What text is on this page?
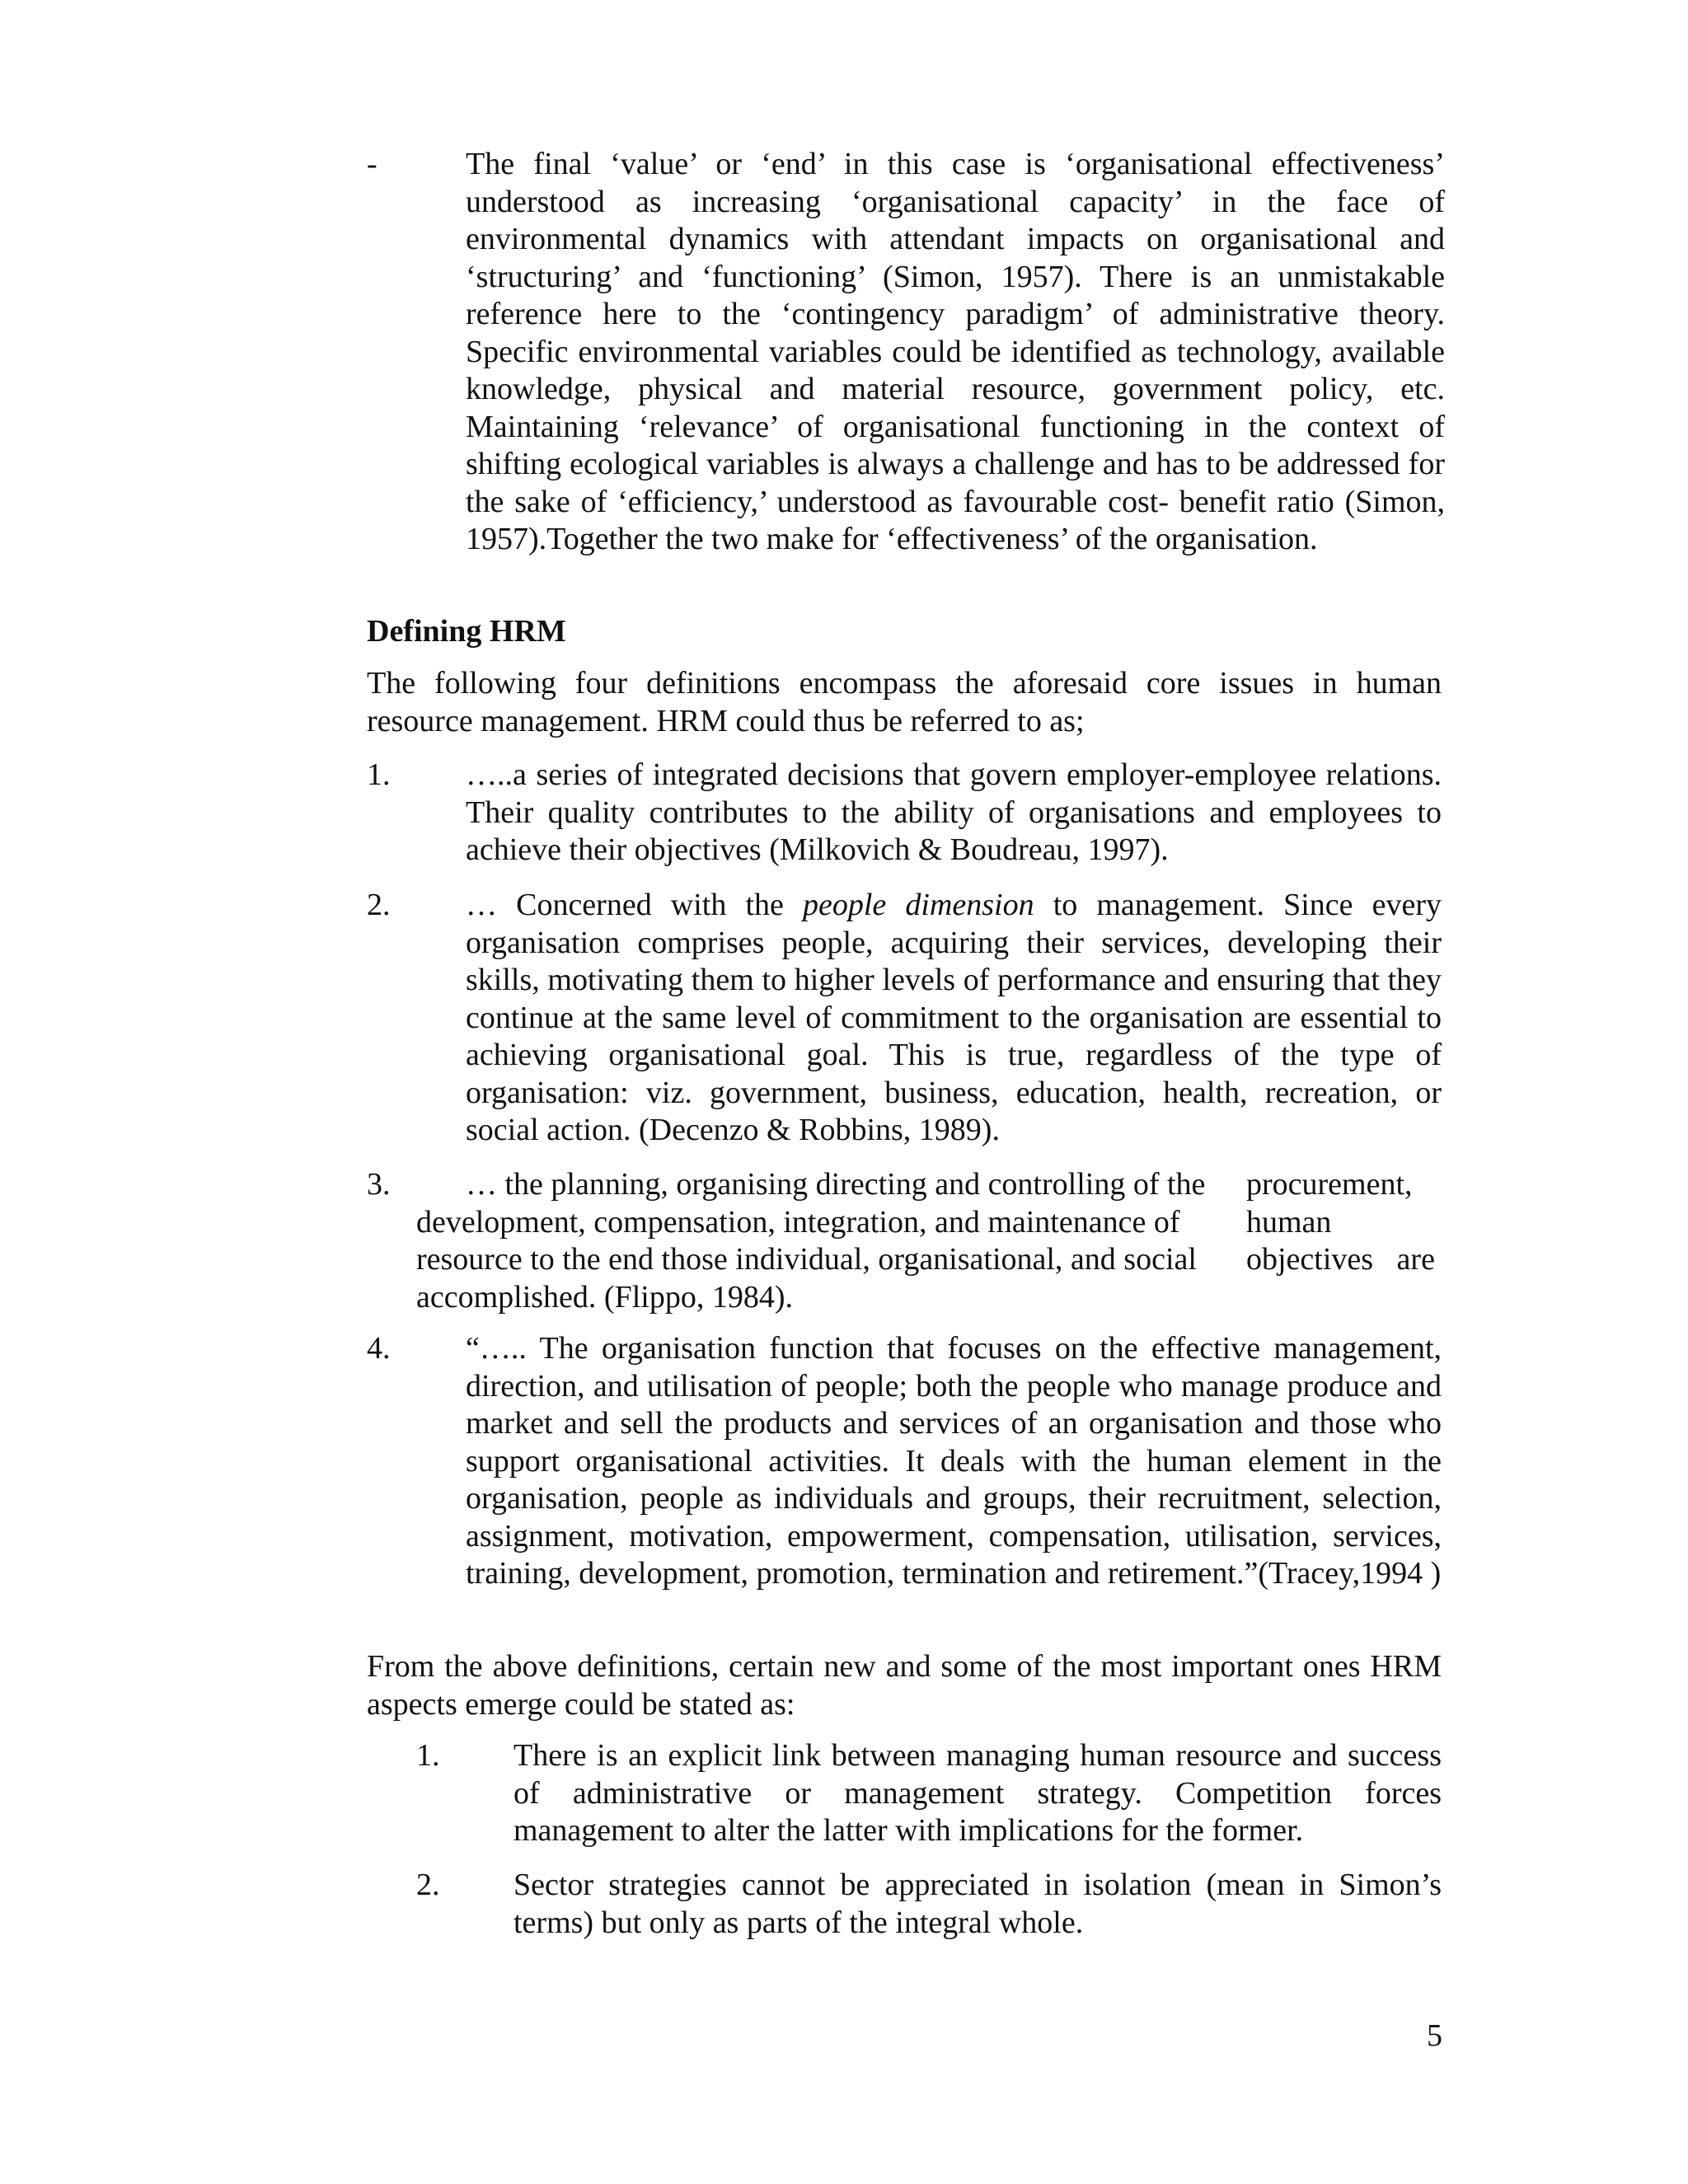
-	The final ‘value’ or ‘end’ in this case is ‘organisational effectiveness’ understood as increasing ‘organisational capacity’ in the face of environmental dynamics with attendant impacts on organisational and ‘structuring’ and ‘functioning’ (Simon, 1957). There is an unmistakable reference here to the ‘contingency paradigm’ of administrative theory. Specific environmental variables could be identified as technology, available knowledge, physical and material resource, government policy, etc. Maintaining ‘relevance’ of organisational functioning in the context of shifting ecological variables is always a challenge and has to be addressed for the sake of ‘efficiency,’ understood as favourable cost- benefit ratio (Simon, 1957).Together the two make for ‘effectiveness’ of the organisation.

Defining HRM

The following four definitions encompass the aforesaid core issues in human resource management. HRM could thus be referred to as;

1. …..a series of integrated decisions that govern employer-employee relations. Their quality contributes to the ability of organisations and employees to achieve their objectives (Milkovich & Boudreau, 1997).

2. … Concerned with the people dimension to management. Since every organisation comprises people, acquiring their services, developing their skills, motivating them to higher levels of performance and ensuring that they continue at the same level of commitment to the organisation are essential to achieving organisational goal. This is true, regardless of the type of organisation: viz. government, business, education, health, recreation, or social action. (Decenzo & Robbins, 1989).

3. … the planning, organising directing and controlling of the
development, compensation, integration, and maintenance of
resource to the end those individual, organisational, and social
accomplished. (Flippo, 1984).
procurement,
human
objectives   are
4. “….. The organisation function that focuses on the effective management, direction, and utilisation of people; both the people who manage produce and market and sell the products and services of an organisation and those who support organisational activities. It deals with the human element in the organisation, people as individuals and groups, their recruitment, selection, assignment, motivation, empowerment, compensation, utilisation, services, training, development, promotion, termination and retirement.”(Tracey,1994 )

From the above definitions, certain new and some of the most important ones HRM aspects emerge could be stated as:

1. There is an explicit link between managing human resource and success of administrative or management strategy. Competition forces management to alter the latter with implications for the former.

2. Sector strategies cannot be appreciated in isolation (mean in Simon’s terms) but only as parts of the integral whole.

5
